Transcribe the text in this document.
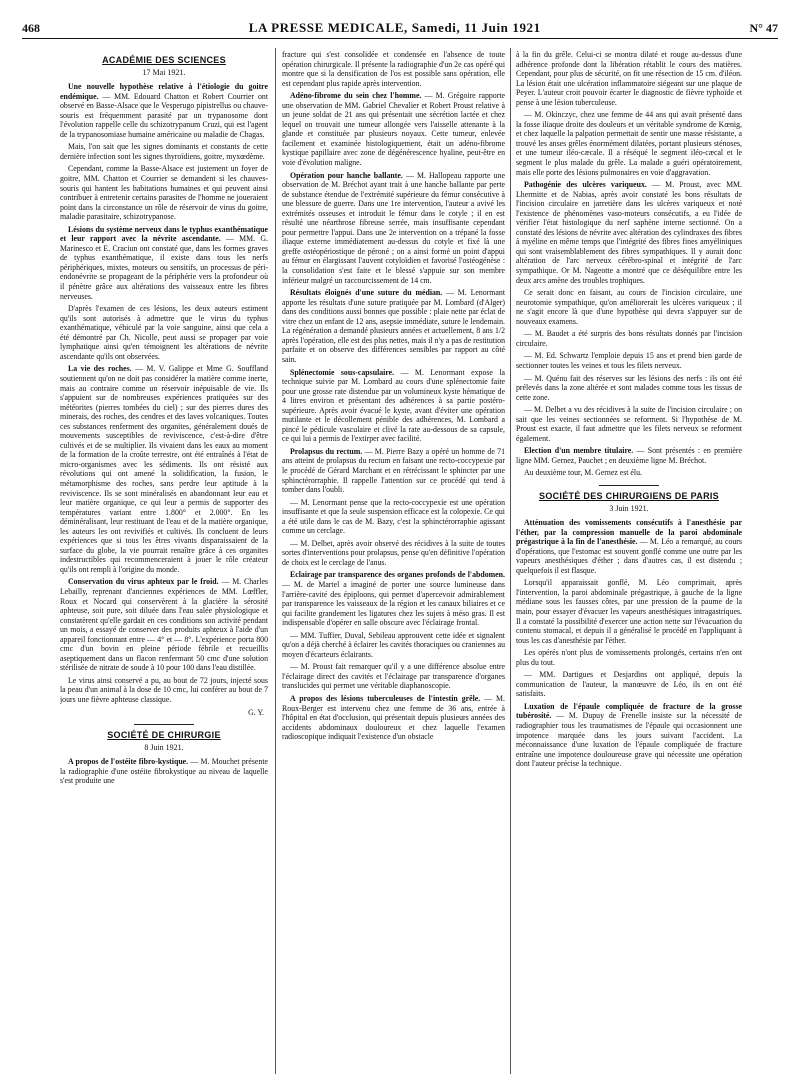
468	LA PRESSE MEDICALE, Samedi, 11 Juin 1921	N° 47
ACADÉMIE DES SCIENCES
17 Mai 1921.

Une nouvelle hypothèse relative à l'étiologie du goitre endémique. — MM. Edouard Chatton et Robert Courrier ont observé en Basse-Alsace que le Vesperugo pipistrellus ou chauve-souris est fréquemment parasité par un trypanosome dont l'évolution rappelle celle du schizotrypanum Cruzi, qui est l'agent de la trypanosomiase humaine américaine ou maladie de Chagas.

Mais, l'on sait que les signes dominants et constants de cette dernière infection sont les signes thyroïdiens, goitre, myxœdème.

Cependant, comme la Basse-Alsace est justement un foyer de goitre, MM. Chatton et Courrier se demandent si les chauves-souris qui hantent les habitations humaines et qui peuvent ainsi contribuer à entretenir certains parasites de l'homme ne joueraient point dans la circonstance un rôle de réservoir de virus du goitre, maladie parasitaire, schizotrypanose.

Lésions du système nerveux dans le typhus exanthématique et leur rapport avec la névrite ascendante. — MM. G. Marinesco et E. Craciun ont constaté que, dans les formes graves de typhus exanthématique, il existe dans tous les nerfs périphériques, mixtes, moteurs ou sensitifs, un processus de péri-endonévrite se propageant de la périphérie vers la profondeur où il pénètre grâce aux altérations des vaisseaux entre les fibres nerveuses.

D'après l'examen de ces lésions, les deux auteurs estiment qu'ils sont autorisés à admettre que le virus du typhus exanthématique, véhiculé par la voie sanguine, ainsi que cela a été démontré par Ch. Nicolle, peut aussi se propager par voie lymphatique ainsi qu'en témoignent les altérations de névrite ascendante qu'ils ont observées.

La vie des roches. — M. V. Galippe et Mme G. Souffland soutiennent qu'on ne doit pas considérer la matière comme inerte, mais au contraire comme un réservoir inépuisable de vie. Ils s'appuient sur de nombreuses expériences pratiquées sur des météorites (pierres tombées du ciel) ; sur des pierres dures des minerais, des roches, des cendres et des laves volcaniques. Toutes ces substances renferment des organites, généralement doués de mouvements susceptibles de reviviscence, c'est-à-dire d'être cultivés et de se multiplier. Ils vivaient dans les eaux au moment de la formation de la croûte terrestre, ont été entraînés à l'état de micro-organismes avec les sédiments. Ils ont résisté aux révolutions qui ont amené la solidification, la fusion, le métamorphisme des roches, sans perdre leur aptitude à la reviviscence. Ils se sont minéralisés en abandonnant leur eau et leur matière organique, ce qui leur a permis de supporter des températures variant entre 1.800° et 2.000°. En les déminéralisant, leur restituant de l'eau et de la matière organique, les auteurs les ont revivifiés et cultivés. Ils concluent de leurs expériences que si tous les êtres vivants disparaissaient de la surface du globe, la vie pourrait renaître grâce à ces organites indestructibles qui recommenceraient à jouer le rôle créateur qu'ils ont rempli à l'origine du monde.

Conservation du virus aphteux par le froid. — M. Charles Lebailly, reprenant d'anciennes expériences de MM. Lœffler, Roux et Nocard qui conservèrent à la glacière la sérosité aphteuse, soit pure, soit diluée dans l'eau salée physiologique et constatèrent qu'elle gardait en ces conditions son activité pendant un mois, a essayé de conserver des produits aphteux à l'aide d'un appareil fonctionnant entre — 4° et — 8°. L'expérience porta 800 cmc d'un bovin en pleine période fébrile et recueillis aseptiquement dans un flacon renfermant 50 cmc d'une solution stérilisée de nitrate de soude à 10 pour 100 dans l'eau distillée.

Le virus ainsi conservé a pu, au bout de 72 jours, injecté sous la peau d'un animal à la dose de 10 cmc, lui conférer au bout de 7 jours une fièvre aphteuse classique.

G. Y.
SOCIÉTÉ DE CHIRURGIE
8 Juin 1921.

A propos de l'ostéite fibro-kystique. — M. Mouchet présente la radiographie d'une ostéite fibrokystique au niveau de laquelle s'est produite une

fracture qui s'est consolidée et condensée en l'absence de toute opération chirurgicale. Il présente la radiographie d'un 2e cas opéré qui montre que si la densification de l'os est possible sans opération, elle est cependant plus rapide après intervention.

Adéno-fibrome du sein chez l'homme. — M. Grégoire rapporte une observation de MM. Gabriel Chevalier et Robert Proust relative à un jeune soldat de 21 ans qui présentait une sécrétion lactée et chez lequel on trouvait une tumeur allongée vers l'aisselle attenante à la glande et constituée par plusieurs noyaux. Cette tumeur, enlevée facilement et examinée histologiquement, était un adéno-fibrome kystique papillaire avec zone de dégénérescence hyaline, peut-être en voie d'évolution maligne.

Opération pour hanche ballante. — M. Hallopeau rapporte une observation de M. Bréchot ayant trait à une hanche ballante par perte de substance étendue de l'extrémité supérieure du fémur consécutive à une blessure de guerre. Dans une 1re intervention, l'auteur a avivé les extrémités osseuses et introduit le fémur dans le cotyle ; il en est résulté une néarthrose fibreuse serrée, mais insuffisante cependant pour permettre l'appui. Dans une 2e intervention on a trépané la fosse iliaque externe immédiatement au-dessus du cotyle et fixé là une greffe ostéopériostique de péroné ; on a ainsi formé un point d'appui au fémur en élargissant l'auvent cotyloïdien et favorisé l'ostéogénèse : la consolidation s'est faite et le blessé s'appuie sur son membre inférieur malgré un raccourcissement de 14 cm.

Résultats éloignés d'une suture du médian. — M. Lenormant apporte les résultats d'une suture pratiquée par M. Lombard (d'Alger) dans des conditions aussi bonnes que possible : plaie nette par éclat de vitre chez un enfant de 12 ans, asepsie immédiate, suture le lendemain. La régénération a demandé plusieurs années et actuellement, 8 ans 1/2 après l'opération, elle est des plus nettes, mais il n'y a pas de restitution parfaite et on observe des différences sensibles par rapport au côté sain.

Splénectomie sous-capsulaire. — M. Lenormant expose la technique suivie par M. Lombard au cours d'une splénectomie faite pour une grosse rate distendue par un volumineux kyste hématique de 4 litres environ et présentant des adhérences à sa partie postéro-supérieure. Après avoir évacué le kyste, avant d'éviter une opération mutilante et le décollement pénible des adhérences, M. Lombard a pincé le pédicule vasculaire et clivé la rate au-dessous de sa capsule, ce qui lui a permis de l'extirper avec facilité.

Prolapsus du rectum. — M. Pierre Bazy a opéré un homme de 71 ans atteint de prolapsus du rectum en faisant une recto-coccypexie par le procédé de Gérard Marchant et en rétrécissant le sphincter par une sphinctérorraphie. Il rappelle l'attention sur ce procédé qui tend à tomber dans l'oubli.

— M. Lenormant pense que la recto-coccypexie est une opération insuffisante et que la seule suspension efficace est la colopexie. Ce qui a été utile dans le cas de M. Bazy, c'est la sphinctérorraphie agissant comme un cerclage.

— M. Delbet, après avoir observé des récidives à la suite de toutes sortes d'interventions pour prolapsus, pense qu'en définitive l'opération de choix est le cerclage de l'anus.

Eclairage par transparence des organes profonds de l'abdomen. — M. de Martel a imaginé de porter une source lumineuse dans l'arrière-cavité des épiploons, qui permet d'apercevoir admirablement par transparence les vaisseaux de la région et les canaux biliaires et ce qui facilite grandement les ligatures chez les sujets à méso gras. Il est indispensable d'opérer en salle obscure avec l'éclairage frontal.

— MM. Tuffier, Duval, Sebileau approuvent cette idée et signalent qu'on a déjà cherché à éclairer les cavités thoraciques ou craniennes au moyen d'écarteurs éclairants.

— M. Proust fait remarquer qu'il y a une différence absolue entre l'éclairage direct des cavités et l'éclairage par transparence d'organes translucides qui permet une véritable diaphanoscopie.

A propos des lésions tuberculeuses de l'intestin grêle. — M. Roux-Berger est intervenu chez une femme de 36 ans, entrée à l'hôpital en état d'occlusion, qui présentait depuis plusieurs années des accidents abdominaux douloureux et chez laquelle l'examen radioscopique indiquait l'existence d'un obstacle

à la fin du grêle. Celui-ci se montra dilaté et rouge au-dessus d'une adhérence profonde dont la libération rétablit le cours des matières. Cependant, pour plus de sécurité, on fit une résection de 15 cm. d'iléon. La lésion était une ulcération inflammatoire siégeant sur une plaque de Peyer. L'auteur croit pouvoir écarter le diagnostic de fièvre typhoïde et pense à une lésion tuberculeuse.

— M. Okinczyc, chez une femme de 44 ans qui avait présenté dans la fosse iliaque droite des douleurs et un véritable syndrome de Kœnig, et chez laquelle la palpation permettait de sentir une masse résistante, a trouvé les anses grêles énormément dilatées, portant plusieurs sténoses, et une tumeur iléo-cæcale. Il a réséqué le segment iléo-cæcal et le segment le plus malade du grêle. La malade a guéri opératoirement, mais elle porte des lésions pulmonaires en voie d'aggravation.

Pathogénie des ulcères variqueux. — M. Proust, avec MM. Lhermitte et de Nabias, après avoir constaté les bons résultats de l'incision circulaire en jarretière dans les ulcères variqueux et noté l'existence de phénomènes vaso-moteurs consécutifs, a eu l'idée de vérifier l'état histologique du nerf saphène interne sectionné. On a constaté des lésions de névrite avec altération des cylindraxes des fibres à myéline en même temps que l'intégrité des fibres fines amyéliniques qui sont vraisemblablement des fibres sympathiques. Il y aurait donc altération de l'arc nerveux cérébro-spinal et intégrité de l'arc sympathique. Or M. Nageotte a montré que ce déséquilibre entre les deux arcs amène des troubles trophiques.

Ce serait donc en faisant, au cours de l'incision circulaire, une neurotomie sympathique, qu'on améliorerait les ulcères variqueux ; il ne s'agit encore là que d'une hypothèse qui devra s'appuyer sur de nouveaux examens.

— M. Baudet a été surpris des bons résultats donnés par l'incision circulaire.

— M. Ed. Schwartz l'emploie depuis 15 ans et prend bien garde de sectionner toutes les veines et tous les filets nerveux.

— M. Quénu fait des réserves sur les lésions des nerfs : ils ont été prélevés dans la zone altérée et sont malades comme tous les tissus de cette zone.

— M. Delbet a vu des récidives à la suite de l'incision circulaire ; on sait que les veines sectionnées se reforment. Si l'hypothèse de M. Proust est exacte, il faut admettre que les filets nerveux se reforment également.

Election d'un membre titulaire. — Sont présentés : en première ligne MM. Gernez, Pauchet ; en deuxième ligne M. Bréchot.

Au deuxième tour, M. Gernez est élu.

SOCIÉTÉ DES CHIRURGIENS DE PARIS
3 Juin 1921.

Atténuation des vomissements consécutifs à l'anesthésie par l'éther, par la compression manuelle de la paroi abdominale prégastrique à la fin de l'anesthésie. — M. Léo a remarqué, au cours d'opérations, que l'estomac est souvent gonflé comme une outre par les vapeurs anesthésiques d'éther ; dans d'autres cas, il est distendu ; quelquefois il est flasque.

Lorsqu'il apparaissait gonflé, M. Léo comprimait, après l'intervention, la paroi abdominale prégastrique, à gauche de la ligne médiane sous les fausses côtes, par une pression de la paume de la main, pour essayer d'évacuer les vapeurs anesthésiques intragastriques. Il a constaté la possibilité d'exercer une action nette sur l'évacuation du contenu stomacal, et depuis il a généralisé le procédé en l'appliquant à tous les cas d'anesthésie par l'éther.

Les opérés n'ont plus de vomissements prolongés, certains n'en ont plus du tout.

— MM. Dartigues et Desjardins ont appliqué, depuis la communication de l'auteur, la manœuvre de Léo, ils en ont été satisfaits.

Luxation de l'épaule compliquée de fracture de la grosse tubérosité. — M. Dupuy de Frenelle insiste sur la nécessité de radiographier tous les traumatismes de l'épaule qui occasionnent une impotence marquée dans les jours suivant l'accident. La méconnaissance d'une luxation de l'épaule compliquée de fracture entraîne une impotence douloureuse grave qui nécessite une opération dont l'auteur précise la technique.
